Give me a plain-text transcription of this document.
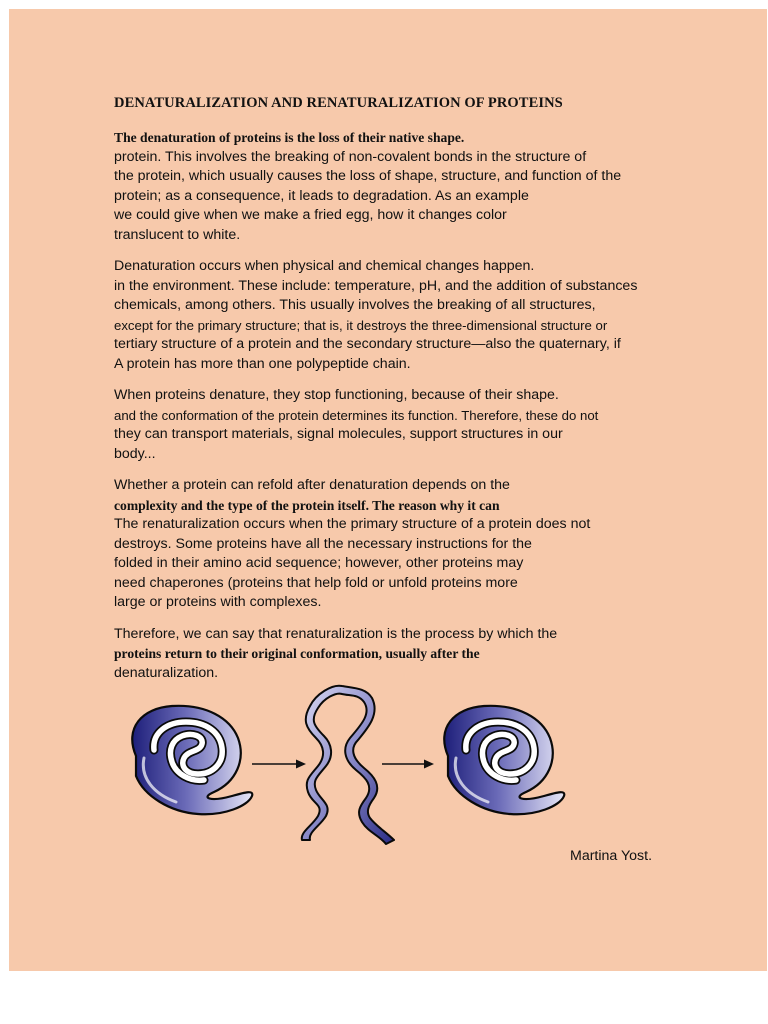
DENATURALIZATION AND RENATURALIZATION OF PROTEINS
The denaturation of proteins is the loss of their native shape.
protein. This involves the breaking of non-covalent bonds in the structure of
the protein, which usually causes the loss of shape, structure, and function of the
protein; as a consequence, it leads to degradation. As an example
we could give when we make a fried egg, how it changes color
translucent to white.
Denaturation occurs when physical and chemical changes happen.
in the environment. These include: temperature, pH, and the addition of substances
chemicals, among others. This usually involves the breaking of all structures,
except for the primary structure; that is, it destroys the three-dimensional structure or
tertiary structure of a protein and the secondary structure—also the quaternary, if
A protein has more than one polypeptide chain.
When proteins denature, they stop functioning, because of their shape.
and the conformation of the protein determines its function. Therefore, these do not
they can transport materials, signal molecules, support structures in our
body...
Whether a protein can refold after denaturation depends on the
complexity and the type of the protein itself. The reason why it can
The renaturalization occurs when the primary structure of a protein does not
destroys. Some proteins have all the necessary instructions for the
folded in their amino acid sequence; however, other proteins may
need chaperones (proteins that help fold or unfold proteins more
large or proteins with complexes.
Therefore, we can say that renaturalization is the process by which the
proteins return to their original conformation, usually after the
denaturalization.
Martina Yost.
